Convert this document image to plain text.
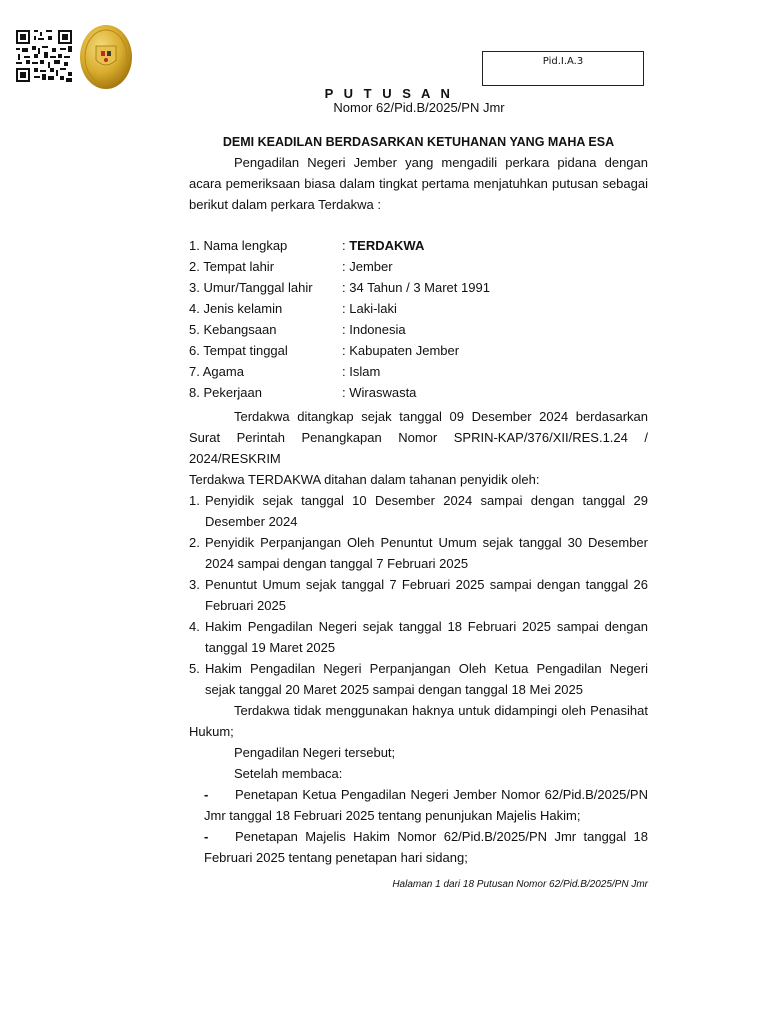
Pid.I.A.3
P U T U S A N
Nomor 62/Pid.B/2025/PN Jmr
DEMI KEADILAN BERDASARKAN KETUHANAN YANG MAHA ESA
Pengadilan Negeri Jember yang mengadili perkara pidana dengan acara pemeriksaan biasa dalam tingkat pertama menjatuhkan putusan sebagai berikut dalam perkara Terdakwa :
1. Nama lengkap	: TERDAKWA
2. Tempat lahir	: Jember
3. Umur/Tanggal lahir : 34 Tahun / 3 Maret 1991
4. Jenis kelamin	: Laki-laki
5. Kebangsaan	: Indonesia
6. Tempat tinggal	: Kabupaten Jember
7. Agama	: Islam
8. Pekerjaan	: Wiraswasta
Terdakwa ditangkap sejak tanggal 09 Desember 2024 berdasarkan
Surat Perintah Penangkapan Nomor SPRIN-KAP/376/XII/RES.1.24 /
2024/RESKRIM
Terdakwa TERDAKWA ditahan dalam tahanan penyidik oleh:
1. Penyidik sejak tanggal 10 Desember 2024 sampai dengan tanggal 29 Desember 2024
2. Penyidik Perpanjangan Oleh Penuntut Umum sejak tanggal 30 Desember 2024 sampai dengan tanggal 7 Februari 2025
3. Penuntut Umum sejak tanggal 7 Februari 2025 sampai dengan tanggal 26 Februari 2025
4. Hakim Pengadilan Negeri sejak tanggal 18 Februari 2025 sampai dengan tanggal 19 Maret 2025
5. Hakim Pengadilan Negeri Perpanjangan Oleh Ketua Pengadilan Negeri sejak tanggal 20 Maret 2025 sampai dengan tanggal 18 Mei 2025
Terdakwa tidak menggunakan haknya untuk didampingi oleh Penasihat Hukum;
Pengadilan Negeri tersebut;
Setelah membaca:
-	Penetapan Ketua Pengadilan Negeri Jember Nomor 62/Pid.B/2025/PN Jmr tanggal 18 Februari 2025 tentang penunjukan Majelis Hakim;
-	Penetapan Majelis Hakim Nomor 62/Pid.B/2025/PN Jmr tanggal 18 Februari 2025 tentang penetapan hari sidang;
Halaman 1 dari 18 Putusan Nomor 62/Pid.B/2025/PN Jmr
